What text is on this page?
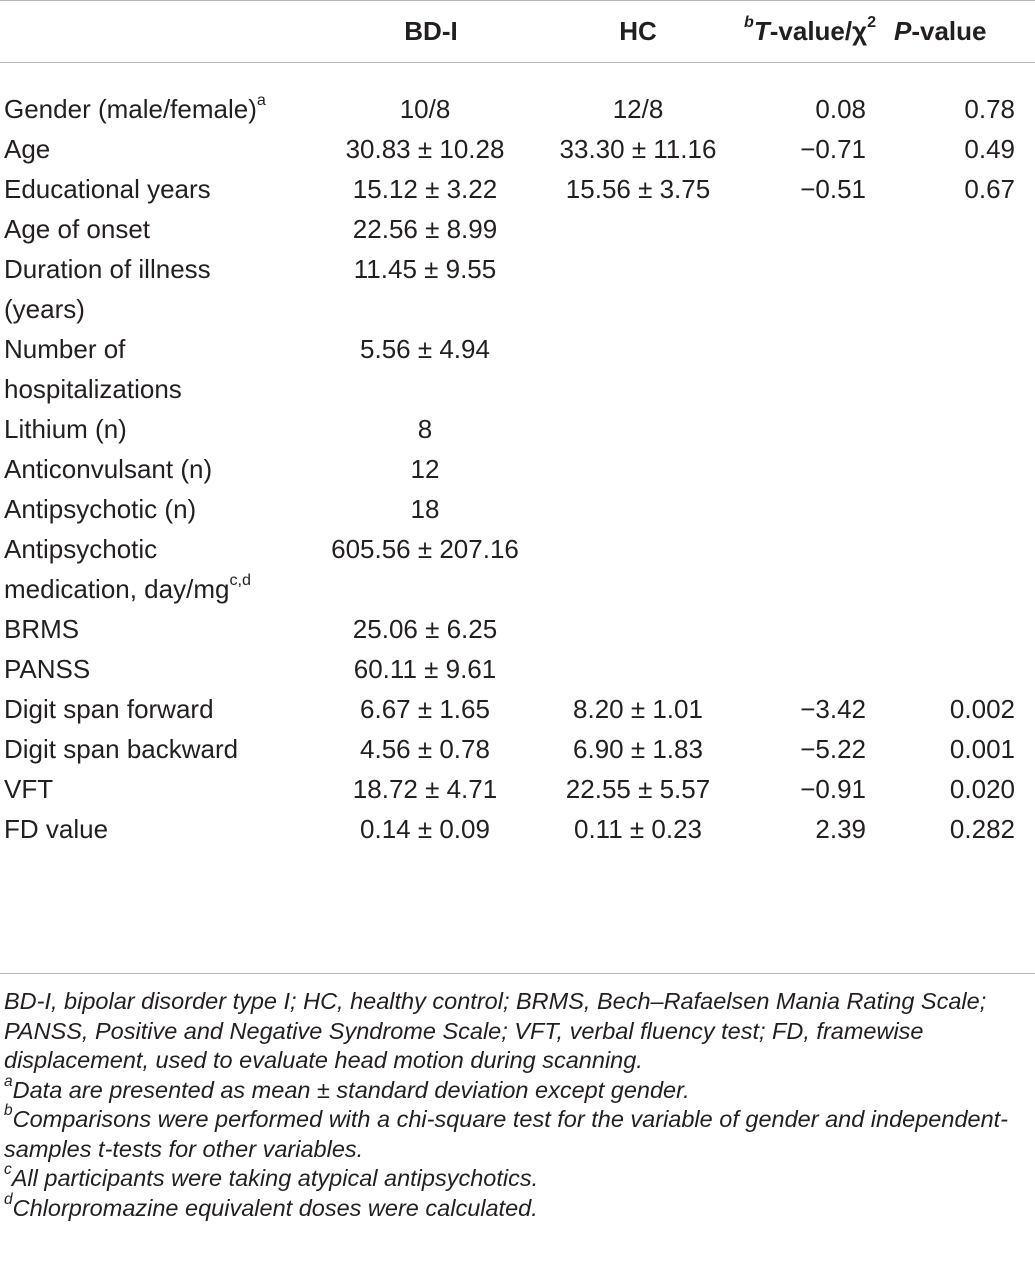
	BD-I	HC	$^bT-value/\chi^2$	P-value
Gender (male/female)$^a$	10/8	12/8	0.08	0.78
Age	30.83 ± 10.28	33.30 ± 11.16	−0.71	0.49
Educational years	15.12 ± 3.22	15.56 ± 3.75	−0.51	0.67
Age of onset	22.56 ± 8.99			
Duration of illness
(years)	11.45 ± 9.55			
Number of
hospitalizations	5.56 ± 4.94			
Lithium (n)	8			
Anticonvulsant (n)	12			
Antipsychotic (n)	18			
Antipsychotic
medication, day/mg$^{c,d}$	605.56 ± 207.16			
BRMS	25.06 ± 6.25			
PANSS	60.11 ± 9.61			
Digit span forward	6.67 ± 1.65	8.20 ± 1.01	−3.42	0.002
Digit span backward	4.56 ± 0.78	6.90 ± 1.83	−5.22	0.001
VFT	18.72 ± 4.71	22.55 ± 5.57	−0.91	0.020
FD value	0.14 ± 0.09	0.11 ± 0.23	2.39	0.282

BD-I, bipolar disorder type I; HC, healthy control; BRMS, Bech–Rafaelsen Mania Rating Scale; PANSS, Positive and Negative Syndrome Scale; VFT, verbal fluency test; FD, framewise displacement, used to evaluate head motion during scanning.

$^a$Data are presented as mean ± standard deviation except gender.

$^b$Comparisons were performed with a chi-square test for the variable of gender and independent-samples t-tests for other variables.

$^c$All participants were taking atypical antipsychotics.

$^d$Chlorpromazine equivalent doses were calculated.
